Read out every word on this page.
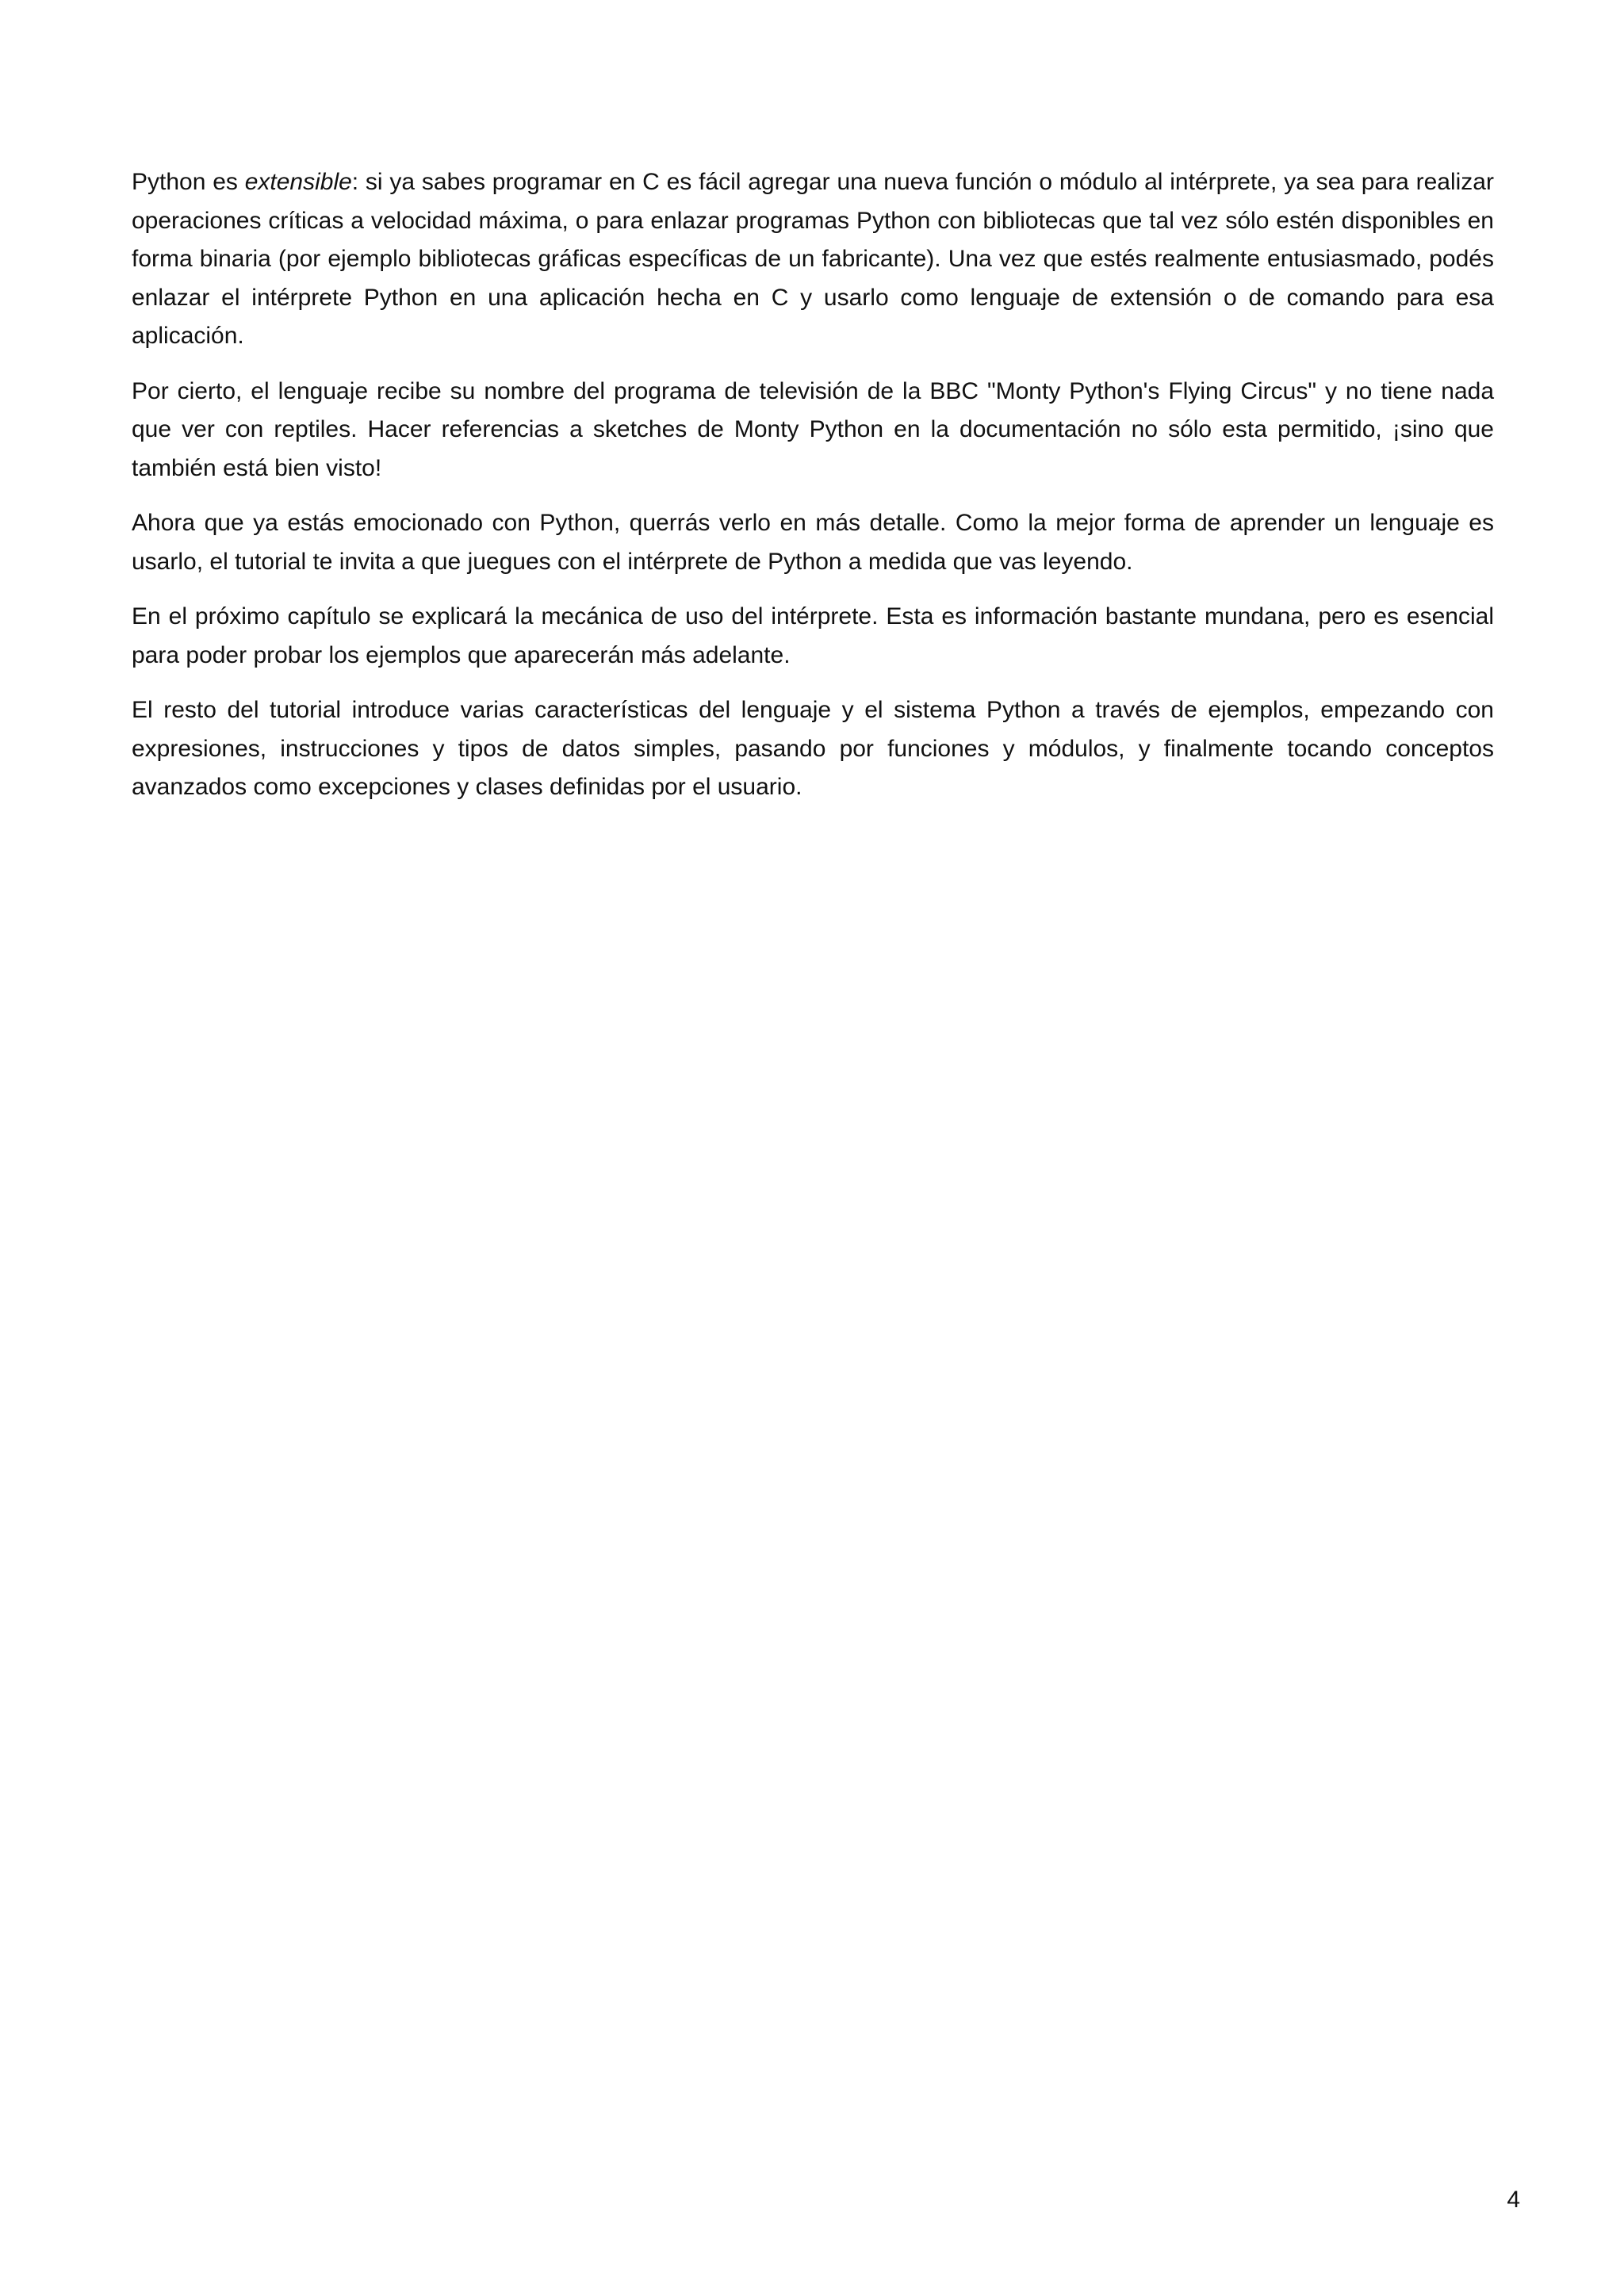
Python es extensible: si ya sabes programar en C es fácil agregar una nueva función o módulo al intérprete, ya sea para realizar operaciones críticas a velocidad máxima, o para enlazar programas Python con bibliotecas que tal vez sólo estén disponibles en forma binaria (por ejemplo bibliotecas gráficas específicas de un fabricante). Una vez que estés realmente entusiasmado, podés enlazar el intérprete Python en una aplicación hecha en C y usarlo como lenguaje de extensión o de comando para esa aplicación.

Por cierto, el lenguaje recibe su nombre del programa de televisión de la BBC "Monty Python's Flying Circus" y no tiene nada que ver con reptiles. Hacer referencias a sketches de Monty Python en la documentación no sólo esta permitido, ¡sino que también está bien visto!

Ahora que ya estás emocionado con Python, querrás verlo en más detalle. Como la mejor forma de aprender un lenguaje es usarlo, el tutorial te invita a que juegues con el intérprete de Python a medida que vas leyendo.

En el próximo capítulo se explicará la mecánica de uso del intérprete. Esta es información bastante mundana, pero es esencial para poder probar los ejemplos que aparecerán más adelante.

El resto del tutorial introduce varias características del lenguaje y el sistema Python a través de ejemplos, empezando con expresiones, instrucciones y tipos de datos simples, pasando por funciones y módulos, y finalmente tocando conceptos avanzados como excepciones y clases definidas por el usuario.

4
